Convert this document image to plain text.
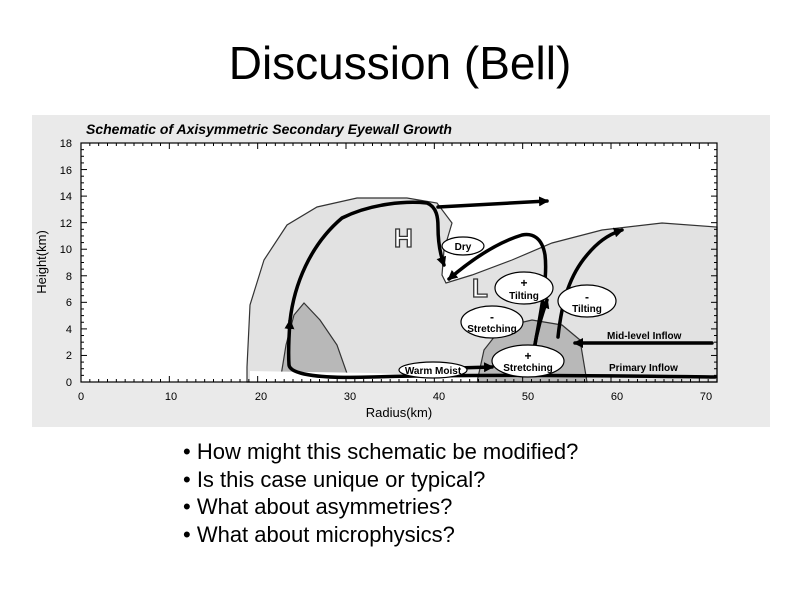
Discussion (Bell)
Schematic of Axisymmetric Secondary Eyewall Growth
0	10	20	30	40	50	60	70
0
2
4
6
8
10
12
14
16
18
Radius(km)
Height(km)	H
L
Dry
+
Tilting	-
Tilting
-
Stretching
+
Stretching
Warm Moist
Mid-level Inflow
Primary Inflow
• How might this schematic be modified?
• Is this case unique or typical?
• What about asymmetries?
• What about microphysics?
